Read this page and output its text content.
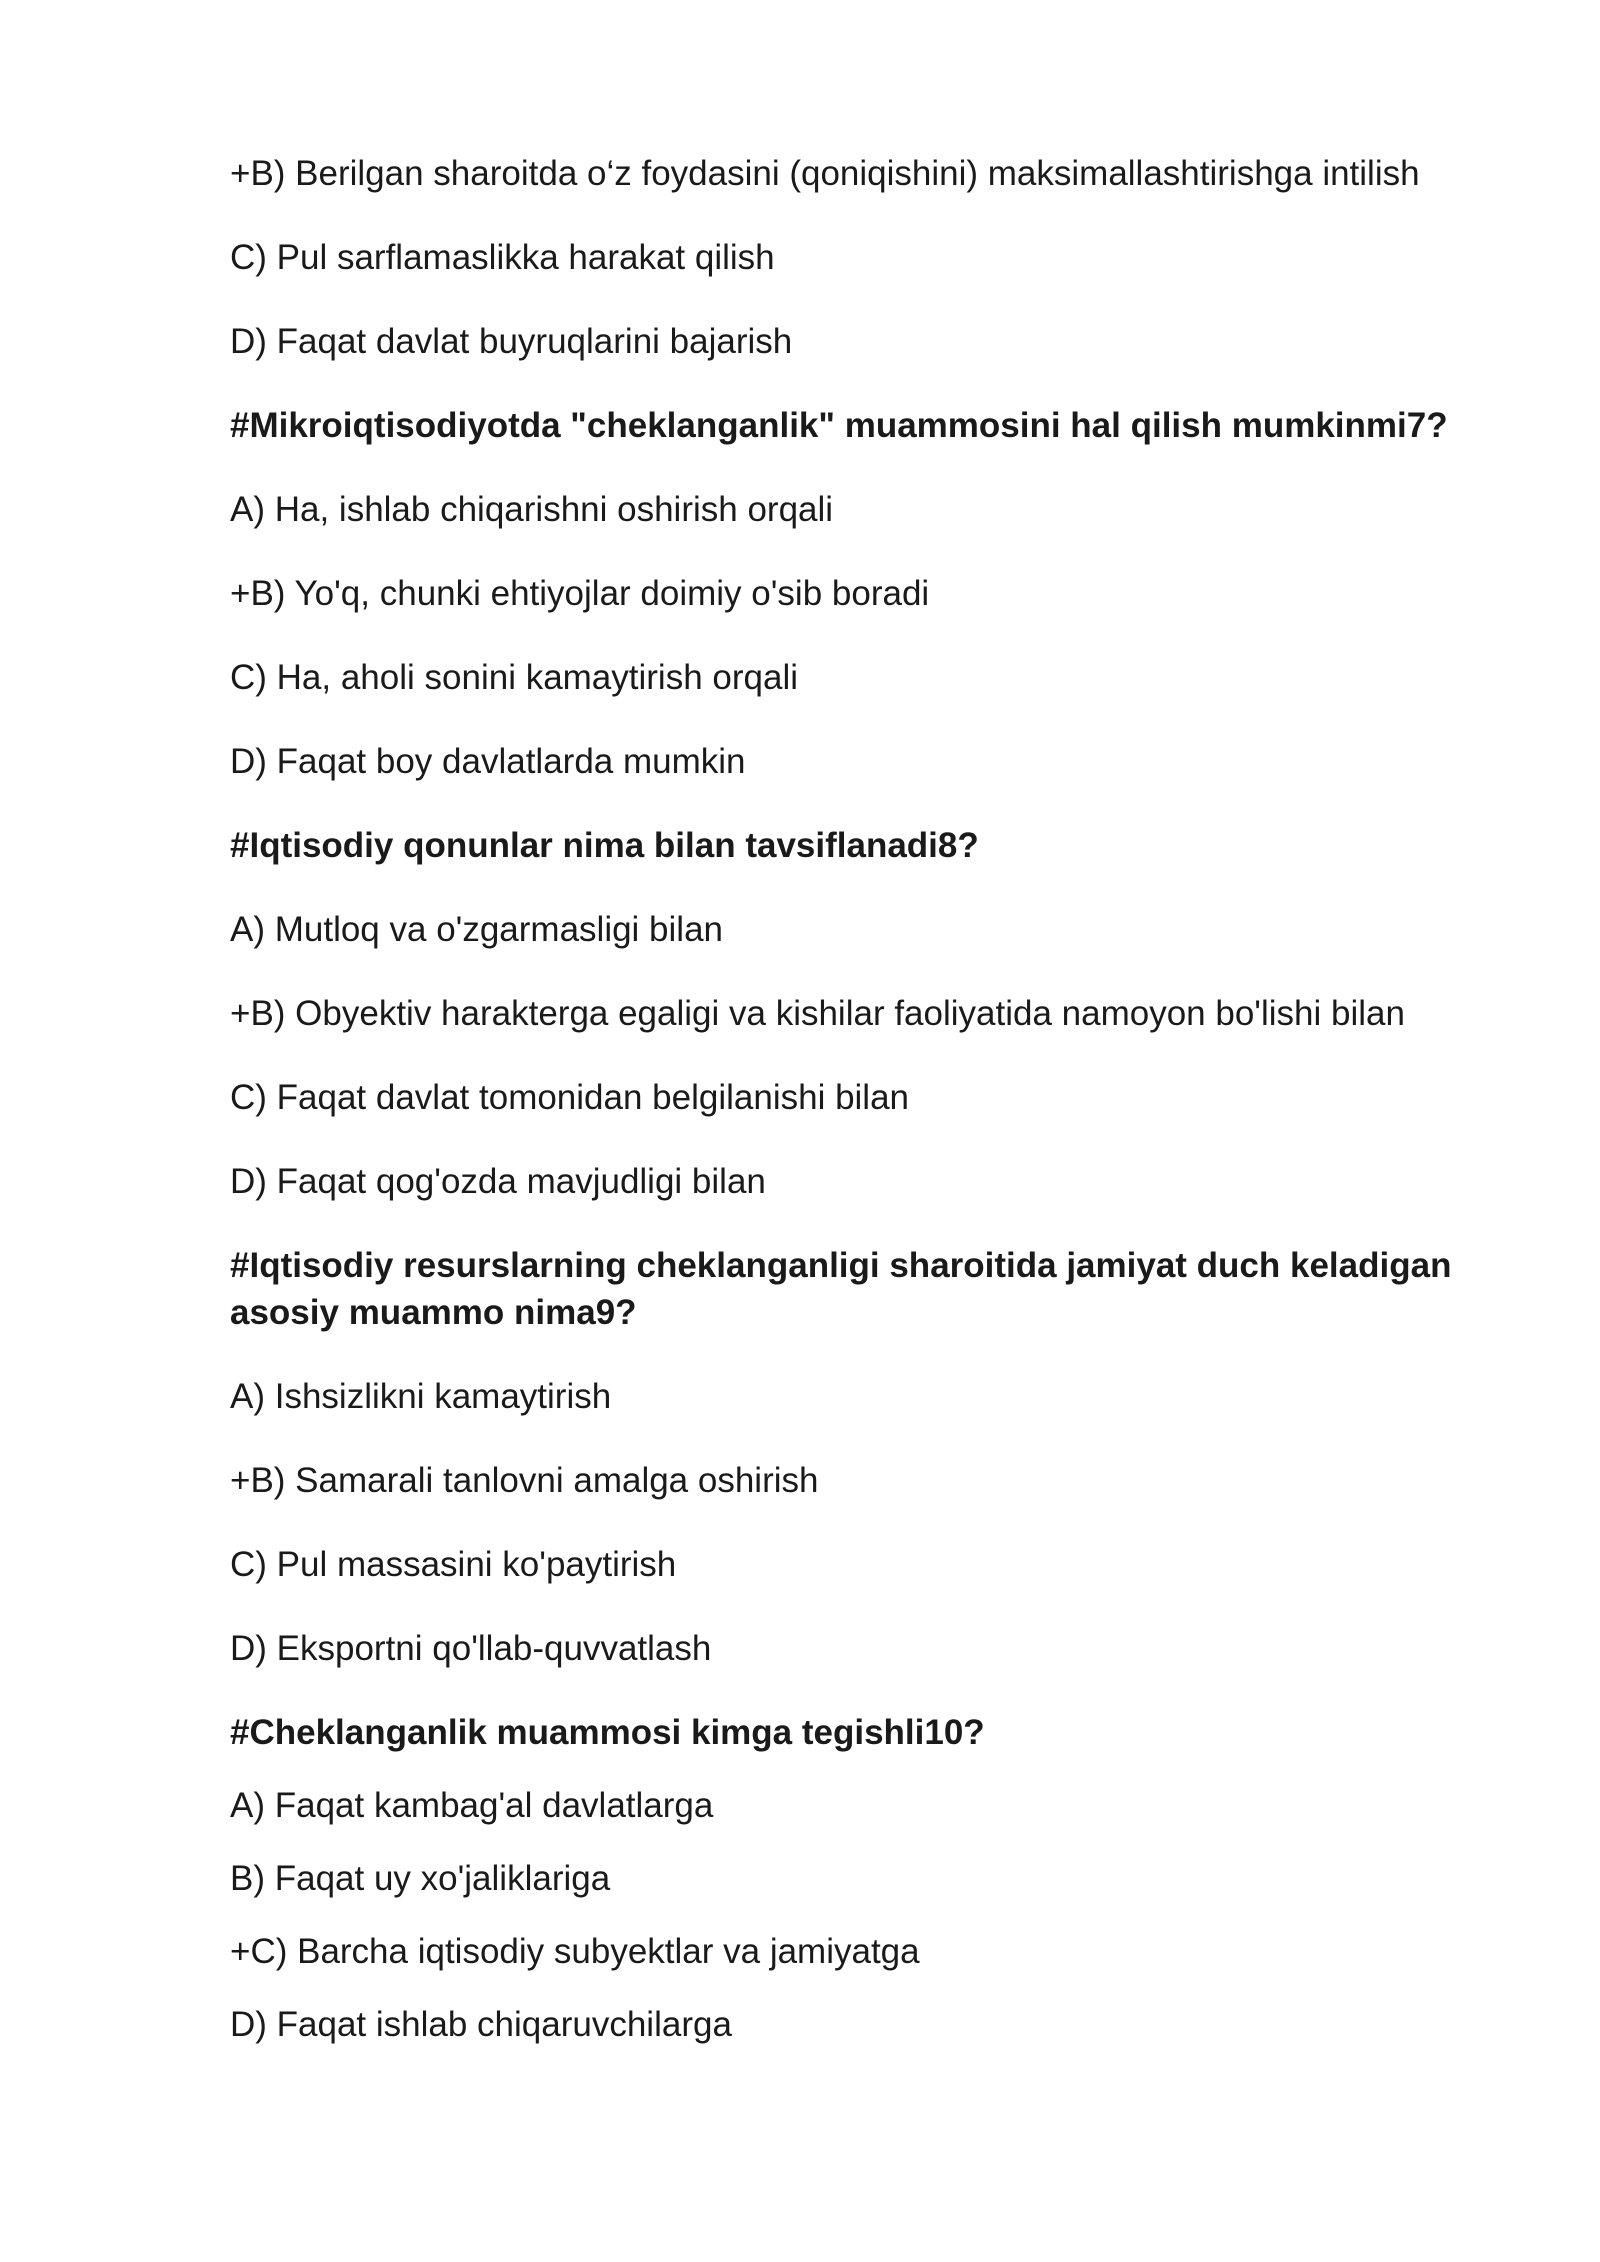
+B) Berilgan sharoitda o‘z foydasini (qoniqishini) maksimallashtirishga intilish

C) Pul sarflamaslikka harakat qilish

D) Faqat davlat buyruqlarini bajarish

#Mikroiqtisodiyotda "cheklanganlik" muammosini hal qilish mumkinmi7?

A) Ha, ishlab chiqarishni oshirish orqali

+B) Yo'q, chunki ehtiyojlar doimiy o'sib boradi

C) Ha, aholi sonini kamaytirish orqali

D) Faqat boy davlatlarda mumkin

#Iqtisodiy qonunlar nima bilan tavsiflanadi8?

A) Mutloq va o'zgarmasligi bilan

+B) Obyektiv harakterga egaligi va kishilar faoliyatida namoyon bo'lishi bilan

C) Faqat davlat tomonidan belgilanishi bilan

D) Faqat qog'ozda mavjudligi bilan

#Iqtisodiy resurslarning cheklanganligi sharoitida jamiyat duch keladigan asosiy muammo nima9?

A) Ishsizlikni kamaytirish

+B) Samarali tanlovni amalga oshirish

C) Pul massasini ko'paytirish

D) Eksportni qo'llab-quvvatlash

#Cheklanganlik muammosi kimga tegishli10?

A) Faqat kambag'al davlatlarga

B) Faqat uy xo'jaliklariga

+C) Barcha iqtisodiy subyektlar va jamiyatga

D) Faqat ishlab chiqaruvchilarga
